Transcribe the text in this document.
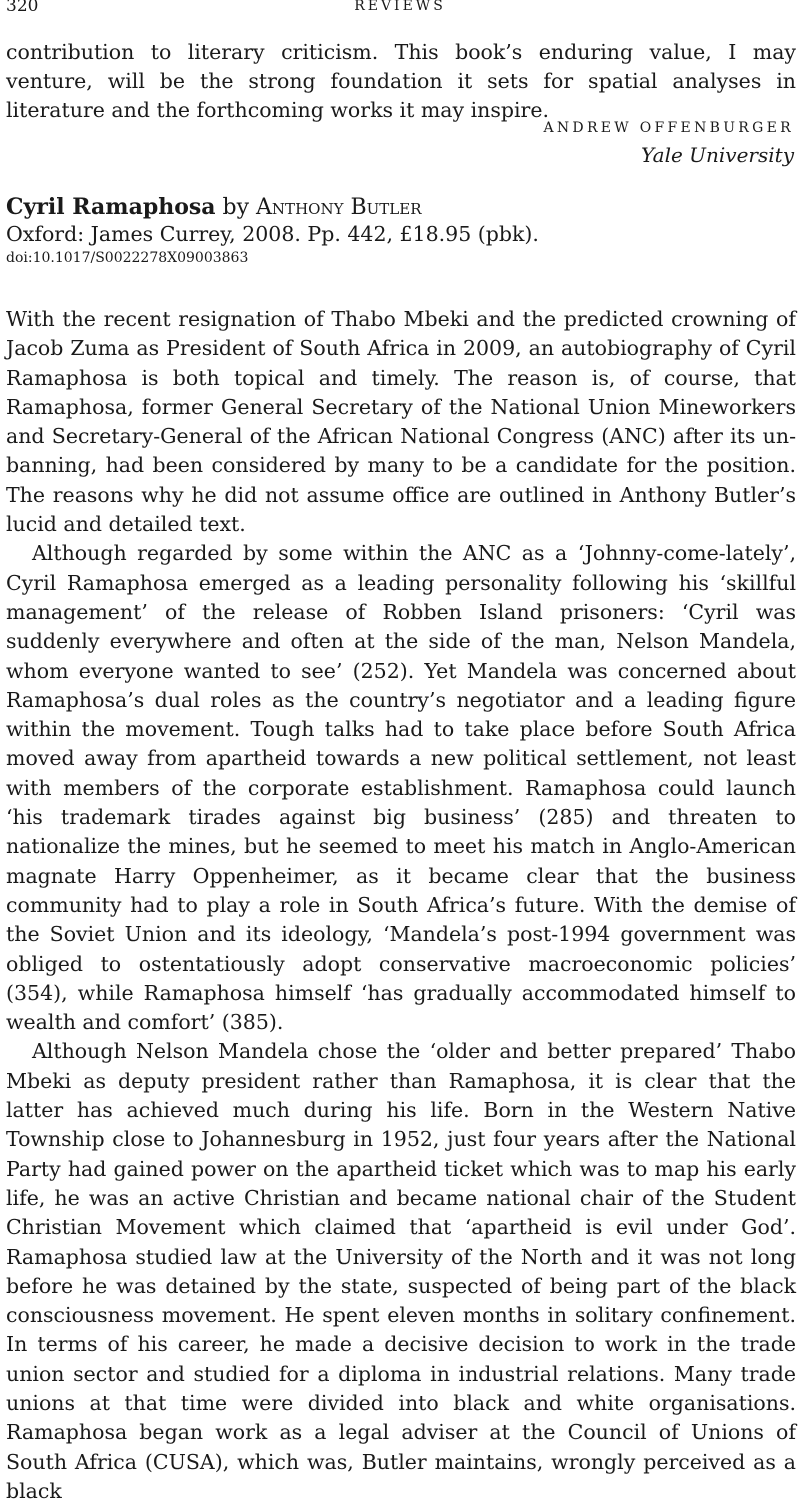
320	REVIEWS
contribution to literary criticism. This book’s enduring value, I may venture, will be the strong foundation it sets for spatial analyses in literature and the forthcoming works it may inspire.
ANDREW OFFENBURGER
Yale University
Cyril Ramaphosa by Anthony Butler
Oxford: James Currey, 2008. Pp. 442, £18.95 (pbk).
doi:10.1017/S0022278X09003863

With the recent resignation of Thabo Mbeki and the predicted crowning of Jacob Zuma as President of South Africa in 2009, an autobiography of Cyril Ramaphosa is both topical and timely. The reason is, of course, that Ramaphosa, former General Secretary of the National Union Mineworkers and Secretary-General of the African National Congress (ANC) after its un-banning, had been considered by many to be a candidate for the position. The reasons why he did not assume office are outlined in Anthony Butler’s lucid and detailed text.

Although regarded by some within the ANC as a ‘Johnny-come-lately’, Cyril Ramaphosa emerged as a leading personality following his ‘skillful management’ of the release of Robben Island prisoners: ‘Cyril was suddenly everywhere and often at the side of the man, Nelson Mandela, whom everyone wanted to see’ (252). Yet Mandela was concerned about Ramaphosa’s dual roles as the country’s negotiator and a leading figure within the movement. Tough talks had to take place before South Africa moved away from apartheid towards a new political settlement, not least with members of the corporate establishment. Ramaphosa could launch ‘his trademark tirades against big business’ (285) and threaten to nationalize the mines, but he seemed to meet his match in Anglo-American magnate Harry Oppenheimer, as it became clear that the business community had to play a role in South Africa’s future. With the demise of the Soviet Union and its ideology, ‘Mandela’s post-1994 government was obliged to ostentatiously adopt conservative macroeconomic policies’ (354), while Ramaphosa himself ‘has gradually accommodated himself to wealth and comfort’ (385).

Although Nelson Mandela chose the ‘older and better prepared’ Thabo Mbeki as deputy president rather than Ramaphosa, it is clear that the latter has achieved much during his life. Born in the Western Native Township close to Johannesburg in 1952, just four years after the National Party had gained power on the apartheid ticket which was to map his early life, he was an active Christian and became national chair of the Student Christian Movement which claimed that ‘apartheid is evil under God’. Ramaphosa studied law at the University of the North and it was not long before he was detained by the state, suspected of being part of the black consciousness movement. He spent eleven months in solitary confinement. In terms of his career, he made a decisive decision to work in the trade union sector and studied for a diploma in industrial relations. Many trade unions at that time were divided into black and white organisations. Ramaphosa began work as a legal adviser at the Council of Unions of South Africa (CUSA), which was, Butler maintains, wrongly perceived as a black
